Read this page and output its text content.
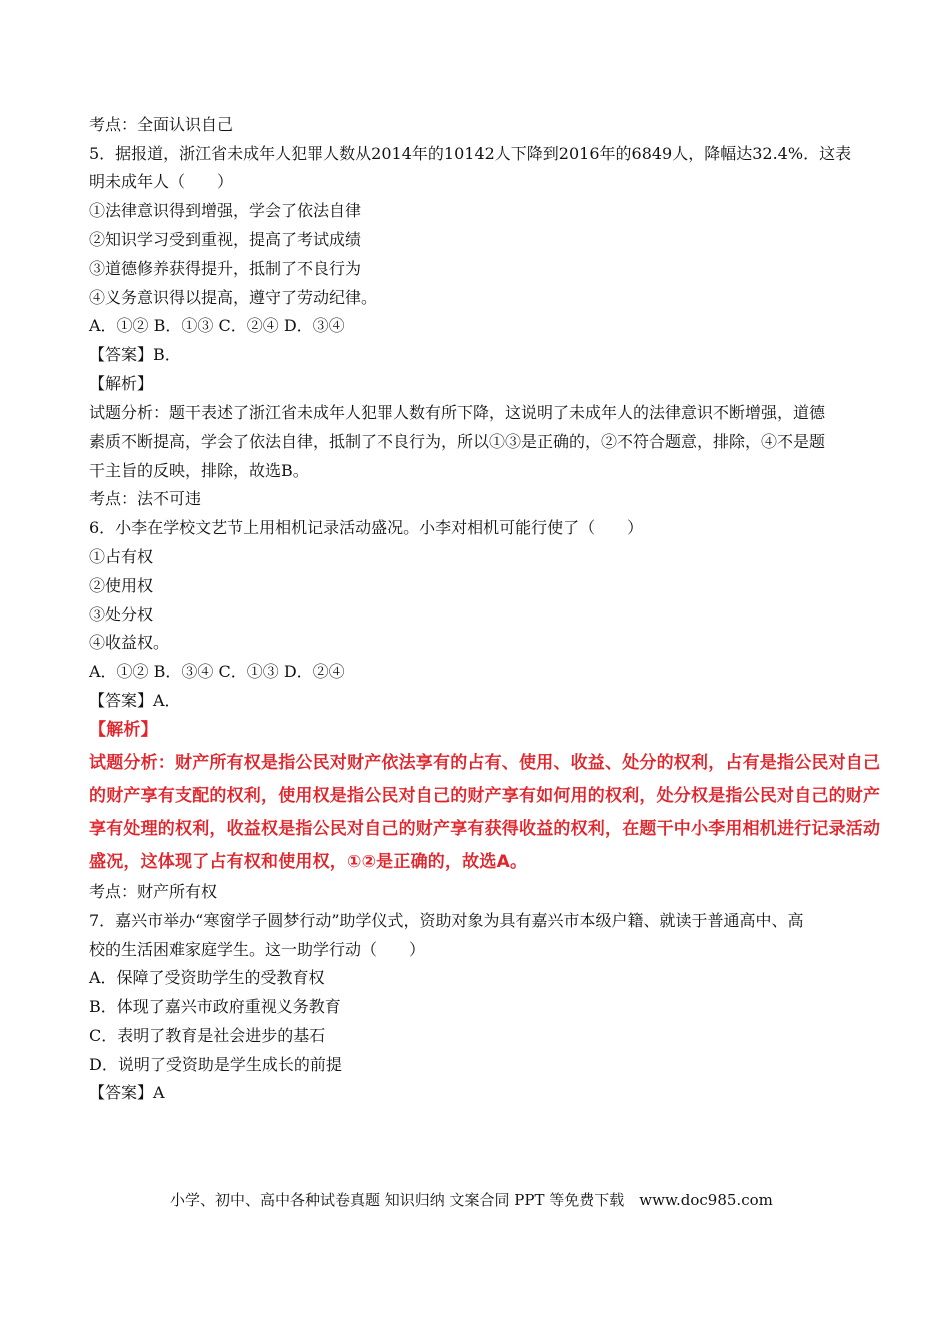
考点：全面认识自己
5．据报道，浙江省未成年人犯罪人数从2014年的10142人下降到2016年的6849人，降幅达32.4%．这表
明未成年人（　　）
①法律意识得到增强，学会了依法自律
②知识学习受到重视，提高了考试成绩
③道德修养获得提升，抵制了不良行为
④义务意识得以提高，遵守了劳动纪律。
A．①② B．①③ C．②④ D．③④
【答案】B．
【解析】
试题分析：题干表述了浙江省未成年人犯罪人数有所下降，这说明了未成年人的法律意识不断增强，道德
素质不断提高，学会了依法自律，抵制了不良行为，所以①③是正确的，②不符合题意，排除，④不是题
干主旨的反映，排除，故选B。
考点：法不可违
6．小李在学校文艺节上用相机记录活动盛况。小李对相机可能行使了（　　）
①占有权
②使用权
③处分权
④收益权。
A．①② B．③④ C．①③ D．②④
【答案】A．
【解析】
试题分析：财产所有权是指公民对财产依法享有的占有、使用、收益、处分的权利，占有是指公民对自己
的财产享有支配的权利，使用权是指公民对自己的财产享有如何用的权利，处分权是指公民对自己的财产
享有处理的权利，收益权是指公民对自己的财产享有获得收益的权利，在题干中小李用相机进行记录活动
盛况，这体现了占有权和使用权，①②是正确的，故选A。
考点：财产所有权
7．嘉兴市举办“寒窗学子圆梦行动”助学仪式，资助对象为具有嘉兴市本级户籍、就读于普通高中、高
校的生活困难家庭学生。这一助学行动（　　）
A．保障了受资助学生的受教育权
B．体现了嘉兴市政府重视义务教育
C．表明了教育是社会进步的基石
D．说明了受资助是学生成长的前提
【答案】A
小学、初中、高中各种试卷真题 知识归纳 文案合同 PPT 等免费下载　www.doc985.com
